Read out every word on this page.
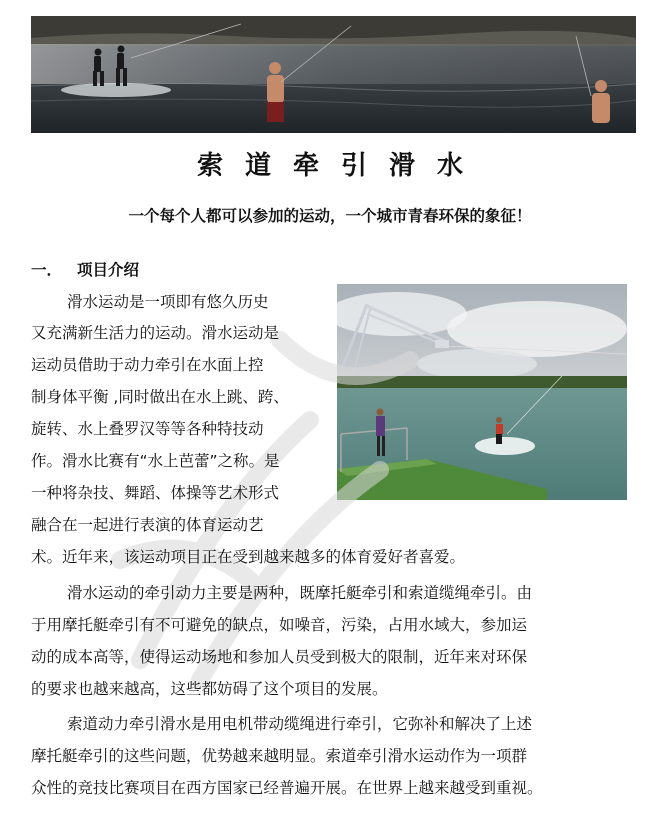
索道牵引滑水
一个每个人都可以参加的运动，一个城市青春环保的象征！
一． 项目介绍
滑水运动是一项即有悠久历史
又充满新生活力的运动。滑水运动是
运动员借助于动力牵引在水面上控
制身体平衡 ,同时做出在水上跳、跨、
旋转、水上叠罗汉等等各种特技动
作。滑水比赛有“水上芭蕾”之称。是
一种将杂技、舞蹈、体操等艺术形式
融合在一起进行表演的体育运动艺
术。近年来，该运动项目正在受到越来越多的体育爱好者喜爱。
滑水运动的牵引动力主要是两种，既摩托艇牵引和索道缆绳牵引。由
于用摩托艇牵引有不可避免的缺点，如噪音，污染，占用水域大，参加运
动的成本高等，使得运动场地和参加人员受到极大的限制，近年来对环保
的要求也越来越高，这些都妨碍了这个项目的发展。
索道动力牵引滑水是用电机带动缆绳进行牵引，它弥补和解决了上述
摩托艇牵引的这些问题，优势越来越明显。索道牵引滑水运动作为一项群
众性的竞技比赛项目在西方国家已经普遍开展。在世界上越来越受到重视。
